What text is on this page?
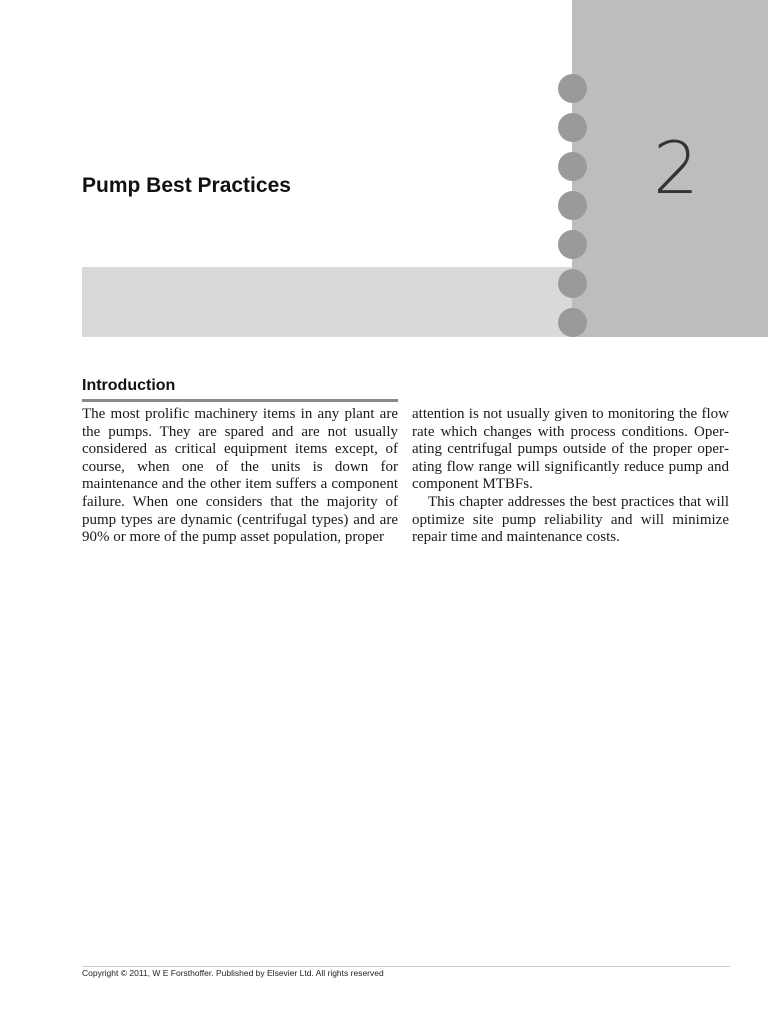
2
Pump Best Practices
Introduction

The most prolific machinery items in any plant are the pumps. They are spared and are not usually considered as critical equipment items except, of course, when one of the units is down for maintenance and the other item suffers a component failure. When one considers that the majority of pump types are dynamic (centrifugal types) and are 90% or more of the pump asset population, proper

attention is not usually given to monitoring the flow rate which changes with process conditions. Operating centrifugal pumps outside of the proper operating flow range will significantly reduce pump and component MTBFs.

This chapter addresses the best practices that will optimize site pump reliability and will minimize repair time and maintenance costs.

Copyright © 2011, W E Forsthoffer. Published by Elsevier Ltd. All rights reserved
